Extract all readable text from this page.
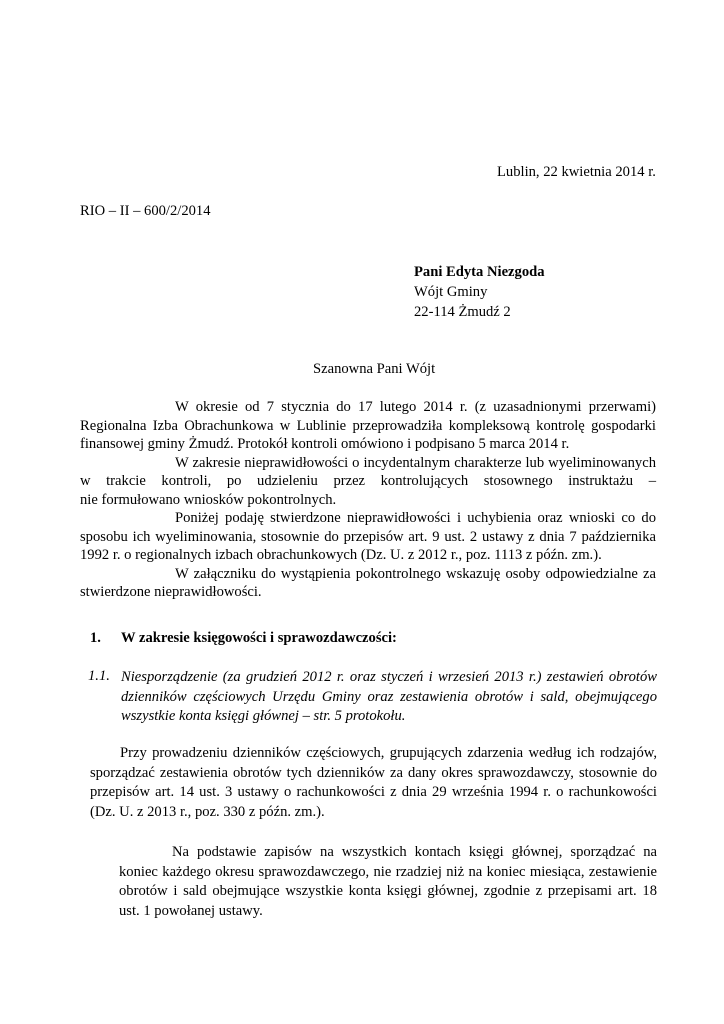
Lublin, 22 kwietnia 2014 r.

RIO – II – 600/2/2014

Pani Edyta Niezgoda
Wójt Gminy
22-114 Żmudź 2

Szanowna Pani Wójt

W okresie od 7 stycznia do 17 lutego 2014 r. (z uzasadnionymi przerwami)
Regionalna Izba Obrachunkowa w Lublinie przeprowadziła kompleksową kontrolę gospodarki
finansowej gminy Żmudź. Protokół kontroli omówiono i podpisano 5 marca 2014 r.
W zakresie nieprawidłowości o incydentalnym charakterze lub wyeliminowanych
w trakcie kontroli, po udzieleniu przez kontrolujących stosownego instruktażu –
nie formułowano wniosków pokontrolnych.
Poniżej podaję stwierdzone nieprawidłowości i uchybienia oraz wnioski co do
sposobu ich wyeliminowania, stosownie do przepisów art. 9 ust. 2 ustawy z dnia 7 października
1992 r. o regionalnych izbach obrachunkowych (Dz. U. z 2012 r., poz. 1113 z późn. zm.).
W załączniku do wystąpienia pokontrolnego wskazuję osoby odpowiedzialne za
stwierdzone nieprawidłowości.

1. W zakresie księgowości i sprawozdawczości:

1.1. Niesporządzenie (za grudzień 2012 r. oraz styczeń i wrzesień 2013 r.) zestawień obrotów
dzienników częściowych Urzędu Gminy oraz zestawienia obrotów i sald, obejmującego
wszystkie konta księgi głównej – str. 5 protokołu.
Przy prowadzeniu dzienników częściowych, grupujących zdarzenia według ich rodzajów,
sporządzać zestawienia obrotów tych dzienników za dany okres sprawozdawczy, stosownie do
przepisów art. 14 ust. 3 ustawy o rachunkowości z dnia 29 września 1994 r. o rachunkowości
(Dz. U. z 2013 r., poz. 330 z późn. zm.).
Na podstawie zapisów na wszystkich kontach księgi głównej, sporządzać na
koniec każdego okresu sprawozdawczego, nie rzadziej niż na koniec miesiąca, zestawienie
obrotów i sald obejmujące wszystkie konta księgi głównej, zgodnie z przepisami art. 18
ust. 1 powołanej ustawy.
